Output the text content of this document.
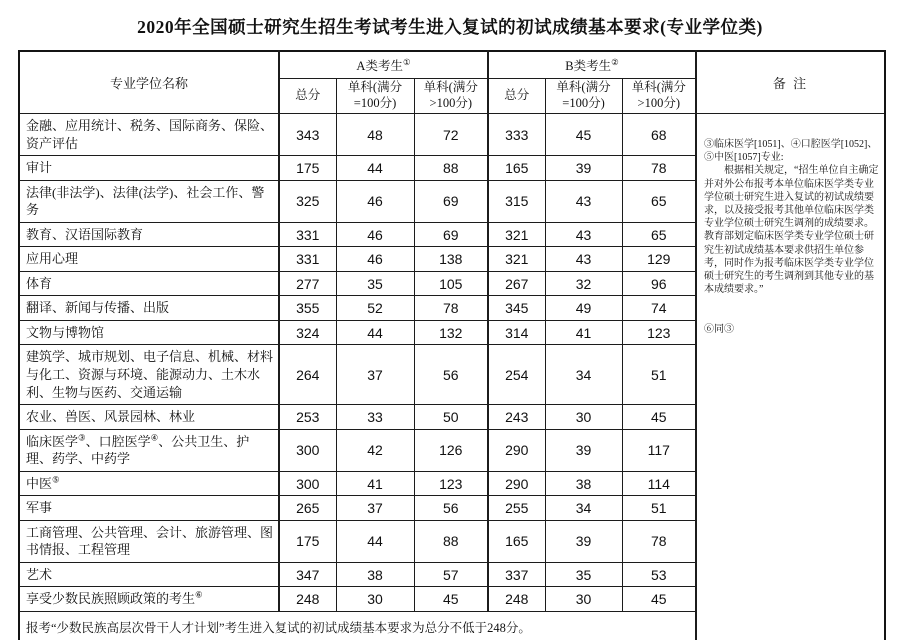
2020年全国硕士研究生招生考试考生进入复试的初试成绩基本要求(专业学位类)
专业学位名称	A类考生①			B类考生②			备 注
	总分	单科(满分=100分)	单科(满分>100分)	总分	单科(满分=100分)	单科(满分>100分)	
金融、应用统计、税务、国际商务、保险、资产评估	343	48	72	333	45	68	③临床医学[1051]、④口腔医学[1052]、⑤中医[1057]专业:
根据相关规定，“招生单位自主确定并对外公布报考本单位临床医学类专业学位硕士研究生进入复试的初试成绩要求，以及接受报考其他单位临床医学类专业学位硕士研究生调剂的成绩要求。教育部划定临床医学类专业学位硕士研究生初试成绩基本要求供招生单位参考，同时作为报考临床医学类专业学位硕士研究生的考生调剂到其他专业的基本成绩要求。”
⑥同③

审计	175	44	88	165	39	78	
法律(非法学)、法律(法学)、社会工作、警务	325	46	69	315	43	65	
教育、汉语国际教育	331	46	69	321	43	65	
应用心理	331	46	138	321	43	129	
体育	277	35	105	267	32	96	
翻译、新闻与传播、出版	355	52	78	345	49	74	
文物与博物馆	324	44	132	314	41	123	
建筑学、城市规划、电子信息、机械、材料与化工、资源与环境、能源动力、土木水利、生物与医药、交通运输	264	37	56	254	34	51	
农业、兽医、风景园林、林业	253	33	50	243	30	45	
临床医学③、口腔医学④、公共卫生、护理、药学、中药学	300	42	126	290	39	117	
中医⑤	300	41	123	290	38	114	
军事	265	37	56	255	34	51	
工商管理、公共管理、会计、旅游管理、图书情报、工程管理	175	44	88	165	39	78	
艺术	347	38	57	337	35	53	
享受少数民族照顾政策的考生⑥	248	30	45	248	30	45	
报考“少数民族高层次骨干人才计划”考生进入复试的初试成绩基本要求为总分不低于248分。							
